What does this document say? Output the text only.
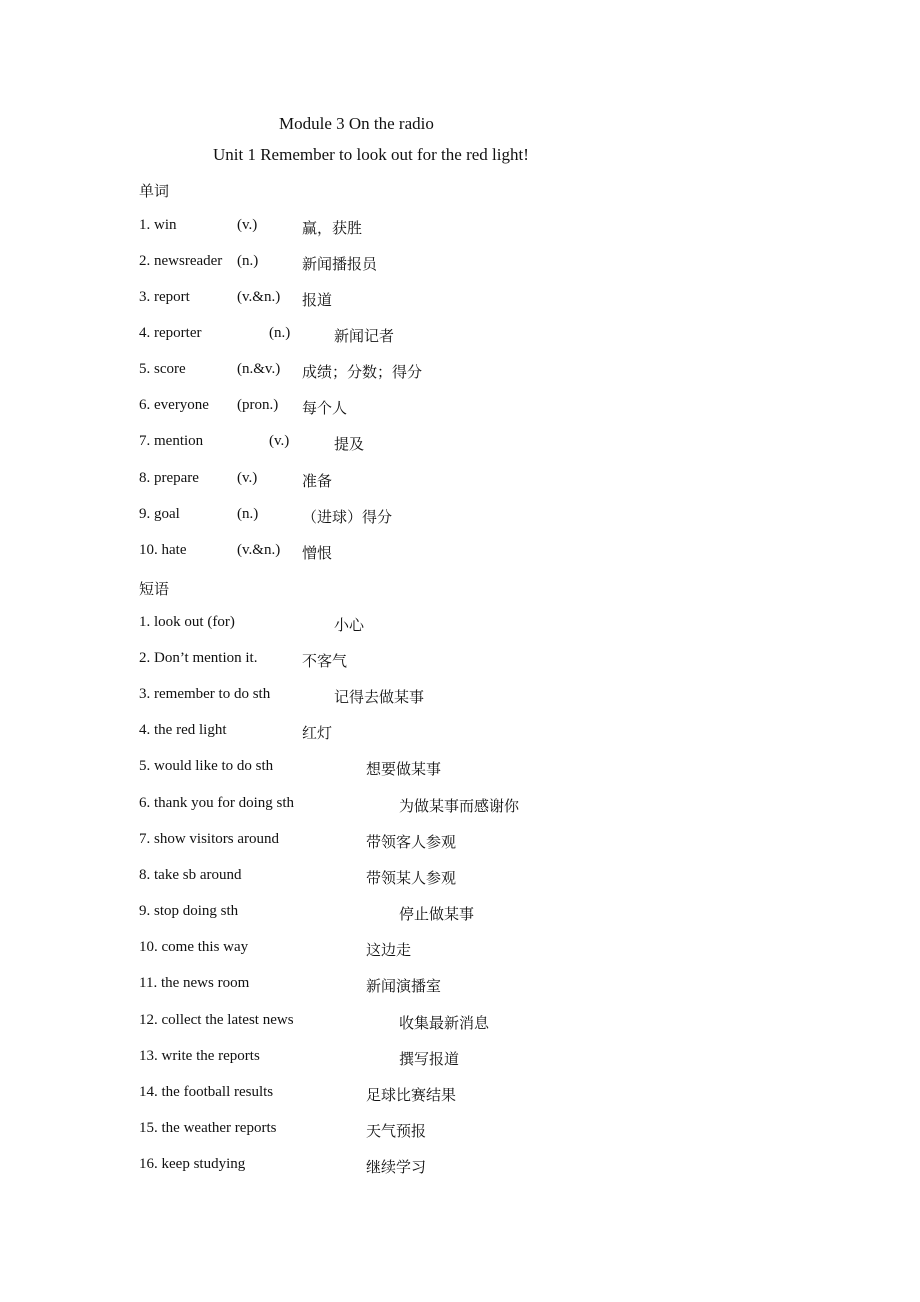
Module 3 On the radio
Unit 1 Remember to look out for the red light!
单词
1. win	(v.)	赢，获胜
2. newsreader (n.)	新闻播报员
3. report	(v.&n.) 报道
4. reporter	(n.)	新闻记者
5. score	(n.&v.) 成绩；分数；得分
6. everyone (pron.) 每个人
7. mention	(v.)	提及
8. prepare	(v.)	准备
9. goal	(n.)	（进球）得分
10. hate	(v.&n.) 憎恨
短语
1. look out (for)	小心
2. Don’t mention it.	不客气
3. remember to do sth	记得去做某事
4. the red light	红灯
5. would like to do sth	想要做某事
6. thank you for doing sth	为做某事而感谢你
7. show visitors around	带领客人参观
8. take sb around	带领某人参观
9. stop doing sth	停止做某事
10. come this way	这边走
11. the news room	新闻演播室
12. collect the latest news	收集最新消息
13. write the reports	撰写报道
14. the football results	足球比赛结果
15. the weather reports	天气预报
16. keep studying	继续学习
